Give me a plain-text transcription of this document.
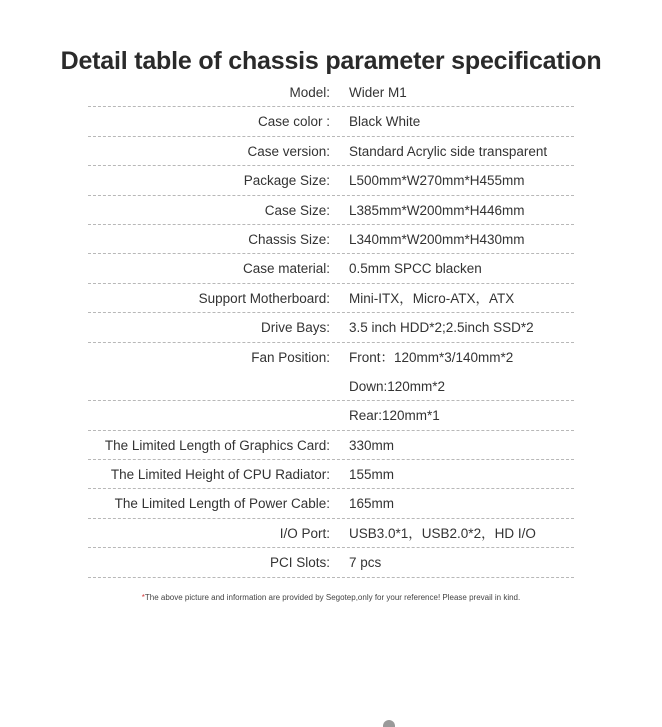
Detail table of chassis parameter specification
Model: Wider M1
Case color : Black White
Case version: Standard Acrylic side transparent
Package Size: L500mm*W270mm*H455mm
Case Size: L385mm*W200mm*H446mm
Chassis Size: L340mm*W200mm*H430mm
Case material: 0.5mm SPCC blacken
Support Motherboard: Mini-ITX，Micro-ATX，ATX
Drive Bays: 3.5 inch HDD*2;2.5inch SSD*2
Fan Position: Front：120mm*3/140mm*2
Down:120mm*2
Rear:120mm*1
The Limited Length of Graphics Card: 330mm
The Limited Height of CPU Radiator: 155mm
The Limited Length of Power Cable: 165mm
I/O Port: USB3.0*1，USB2.0*2，HD I/O
PCI Slots: 7 pcs
*The above picture and information are provided by Segotep,only for your reference! Please prevail in kind.
